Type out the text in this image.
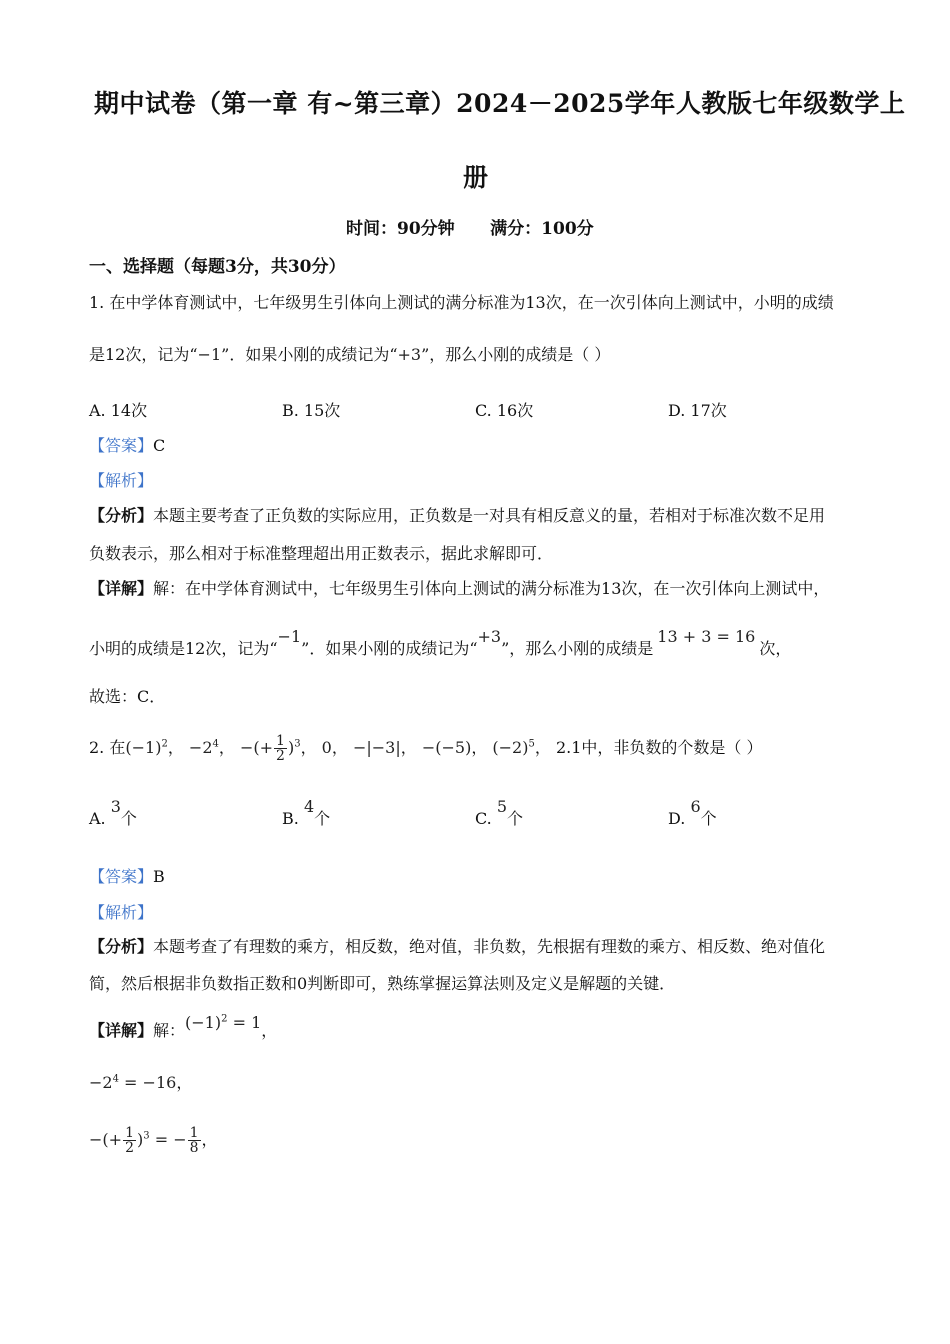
期中试卷（第一章 有~第三章）2024－2025学年人教版七年级数学上
册
时间：90分钟      满分：100分
一、选择题（每题3分，共30分）
1. 在中学体育测试中，七年级男生引体向上测试的满分标准为13次，在一次引体向上测试中，小明的成绩
是12次，记为“−1”．如果小刚的成绩记为“+3”，那么小刚的成绩是（ ）
A. 14次	B. 15次	C. 16次	D. 17次
【答案】C
【解析】
【分析】本题主要考查了正负数的实际应用，正负数是一对具有相反意义的量，若相对于标准次数不足用
负数表示，那么相对于标准整理超出用正数表示，据此求解即可．
【详解】解：在中学体育测试中，七年级男生引体向上测试的满分标准为13次，在一次引体向上测试中，
小明的成绩是12次，记为“−1”．如果小刚的成绩记为“+3”，那么小刚的成绩是13 + 3 = 16次，
故选：C．
2. 在$(-1)^2$， $-2^4$， −(+ $\frac{1}{2} )^3$， 0， −|−3|， −(−5)， $(-2)^5$， 2.1中，非负数的个数是（ ）
A. 3个	B. 4个	C. 5个	D. 6个
【答案】B
【解析】
【分析】本题考查了有理数的乘方，相反数，绝对值，非负数，先根据有理数的乘方、相反数、绝对值化
简，然后根据非负数指正数和0判断即可，熟练掌握运算法则及定义是解题的关键．
【详解】解：$(-1)^2 = 1$，
$-2^4 = -16$，
−(+ $\frac{1}{2} )^3$ = − $\frac{1}{8}$ ，
